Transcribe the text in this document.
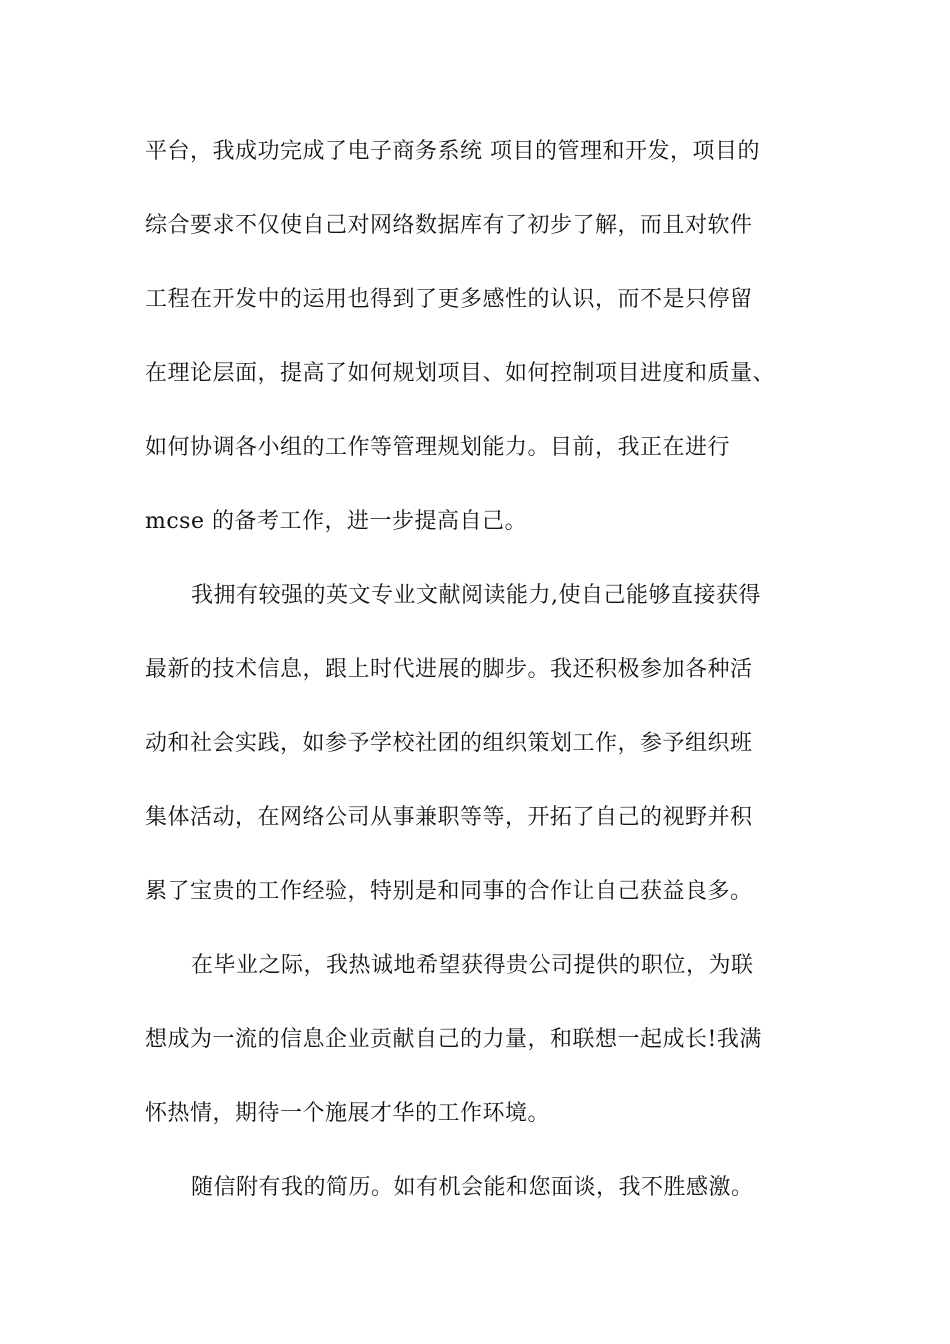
平台，我成功完成了电子商务系统 项目的管理和开发，项目的
综合要求不仅使自己对网络数据库有了初步了解，而且对软件
工程在开发中的运用也得到了更多感性的认识，而不是只停留
在理论层面，提高了如何规划项目、如何控制项目进度和质量、
如何协调各小组的工作等管理规划能力。目前，我正在进行
mcse 的备考工作，进一步提高自己。
我拥有较强的英文专业文献阅读能力,使自己能够直接获得
最新的技术信息，跟上时代进展的脚步。我还积极参加各种活
动和社会实践，如参予学校社团的组织策划工作，参予组织班
集体活动，在网络公司从事兼职等等，开拓了自己的视野并积
累了宝贵的工作经验，特别是和同事的合作让自己获益良多。
在毕业之际，我热诚地希望获得贵公司提供的职位，为联
想成为一流的信息企业贡献自己的力量，和联想一起成长!我满
怀热情，期待一个施展才华的工作环境。
随信附有我的简历。如有机会能和您面谈，我不胜感激。
